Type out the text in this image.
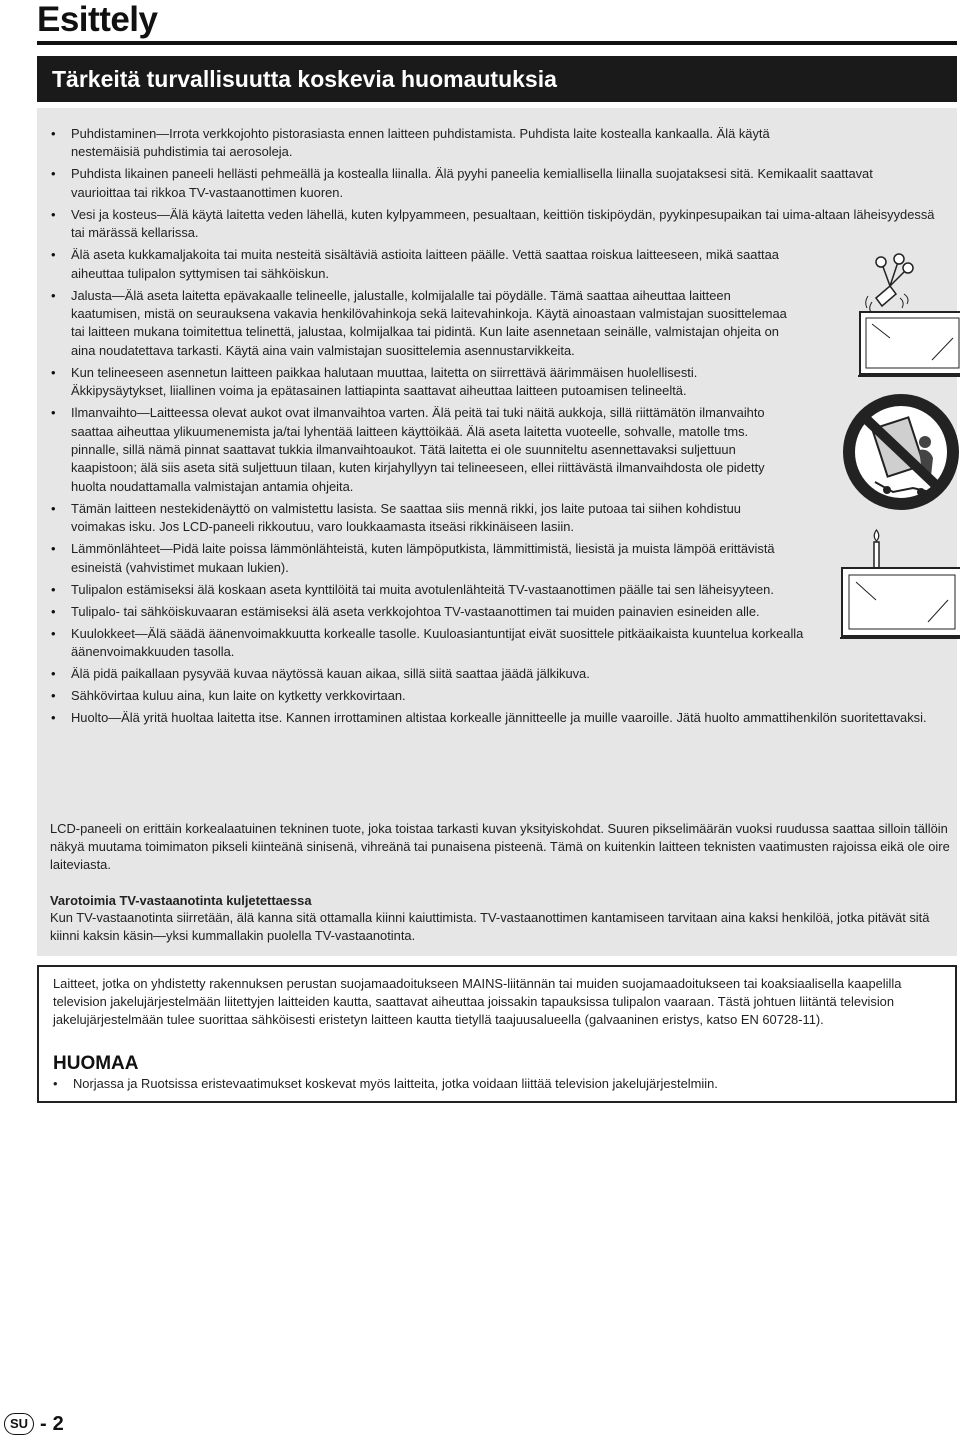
Esittely
Tärkeitä turvallisuutta koskevia huomautuksia
• Puhdistaminen—Irrota verkkojohto pistorasiasta ennen laitteen puhdistamista. Puhdista laite kostealla kankaalla. Älä käytä nestemäisiä puhdistimia tai aerosoleja.
• Puhdista likainen paneeli hellästi pehmeällä ja kostealla liinalla. Älä pyyhi paneelia kemiallisella liinalla suojataksesi sitä. Kemikaalit saattavat vaurioittaa tai rikkoa TV-vastaanottimen kuoren.
• Vesi ja kosteus—Älä käytä laitetta veden lähellä, kuten kylpyammeen, pesualtaan, keittiön tiskipöydän, pyykinpesupaikan tai uima-altaan läheisyydessä tai märässä kellarissa.
• Älä aseta kukkamaljakoita tai muita nesteitä sisältäviä astioita laitteen päälle. Vettä saattaa roiskua laitteeseen, mikä saattaa aiheuttaa tulipalon syttymisen tai sähköiskun.
• Jalusta—Älä aseta laitetta epävakaalle telineelle, jalustalle, kolmijalalle tai pöydälle. Tämä saattaa aiheuttaa laitteen kaatumisen, mistä on seurauksena vakavia henkilövahinkoja sekä laitevahinkoja. Käytä ainoastaan valmistajan suosittelemaa tai laitteen mukana toimitettua telinettä, jalustaa, kolmijalkaa tai pidintä. Kun laite asennetaan seinälle, valmistajan ohjeita on aina noudatettava tarkasti. Käytä aina vain valmistajan suosittelemia asennustarvikkeita.
• Kun telineeseen asennetun laitteen paikkaa halutaan muuttaa, laitetta on siirrettävä äärimmäisen huolellisesti. Äkkipysäytykset, liiallinen voima ja epätasainen lattiapinta saattavat aiheuttaa laitteen putoamisen telineeltä.
• Ilmanvaihto—Laitteessa olevat aukot ovat ilmanvaihtoa varten. Älä peitä tai tuki näitä aukkoja, sillä riittämätön ilmanvaihto saattaa aiheuttaa ylikuumenemista ja/tai lyhentää laitteen käyttöikää. Älä aseta laitetta vuoteelle, sohvalle, matolle tms. pinnalle, sillä nämä pinnat saattavat tukkia ilmanvaihtoaukot. Tätä laitetta ei ole suunniteltu asennettavaksi suljettuun kaapistoon; älä siis aseta sitä suljettuun tilaan, kuten kirjahyllyyn tai telineeseen, ellei riittävästä ilmanvaihdosta ole pidetty huolta noudattamalla valmistajan antamia ohjeita.
• Tämän laitteen nestekidenäyttö on valmistettu lasista. Se saattaa siis mennä rikki, jos laite putoaa tai siihen kohdistuu voimakas isku. Jos LCD-paneeli rikkoutuu, varo loukkaamasta itseäsi rikkinäiseen lasiin.
• Lämmönlähteet—Pidä laite poissa lämmönlähteistä, kuten lämpöputkista, lämmittimistä, liesistä ja muista lämpöä erittävistä esineistä (vahvistimet mukaan lukien).
• Tulipalon estämiseksi älä koskaan aseta kynttilöitä tai muita avotulenlähteitä TV-vastaanottimen päälle tai sen läheisyyteen.
• Tulipalo- tai sähköiskuvaaran estämiseksi älä aseta verkkojohtoa TV-vastaanottimen tai muiden painavien esineiden alle.
• Kuulokkeet—Älä säädä äänenvoimakkuutta korkealle tasolle. Kuuloasiantuntijat eivät suosittele pitkäaikaista kuuntelua korkealla äänenvoimakkuuden tasolla.
• Älä pidä paikallaan pysyvää kuvaa näytössä kauan aikaa, sillä siitä saattaa jäädä jälkikuva.
• Sähkövirtaa kuluu aina, kun laite on kytketty verkkovirtaan.
• Huolto—Älä yritä huoltaa laitetta itse. Kannen irrottaminen altistaa korkealle jännitteelle ja muille vaaroille. Jätä huolto ammattihenkilön suoritettavaksi.
LCD-paneeli on erittäin korkealaatuinen tekninen tuote, joka toistaa tarkasti kuvan yksityiskohdat. Suuren pikselimäärän vuoksi ruudussa saattaa silloin tällöin näkyä muutama toimimaton pikseli kiinteänä sinisenä, vihreänä tai punaisena pisteenä. Tämä on kuitenkin laitteen teknisten vaatimusten rajoissa eikä ole oire laiteviasta.
Varotoimia TV-vastaanotinta kuljetettaessa
Kun TV-vastaanotinta siirretään, älä kanna sitä ottamalla kiinni kaiuttimista. TV-vastaanottimen kantamiseen tarvitaan aina kaksi henkilöä, jotka pitävät sitä kiinni kaksin käsin—yksi kummallakin puolella TV-vastaanotinta.
Laitteet, jotka on yhdistetty rakennuksen perustan suojamaadoitukseen MAINS-liitännän tai muiden suojamaadoitukseen tai koaksiaalisella kaapelilla television jakelujärjestelmään liitettyjen laitteiden kautta, saattavat aiheuttaa joissakin tapauksissa tulipalon vaaraan. Tästä johtuen liitäntä television jakelujärjestelmään tulee suorittaa sähköisesti eristetyn laitteen kautta tietyllä taajuusalueella (galvaaninen eristys, katso EN 60728-11).
HUOMAA
• Norjassa ja Ruotsissa eristevaatimukset koskevat myös laitteita, jotka voidaan liittää television jakelujärjestelmiin.
SU - 2
